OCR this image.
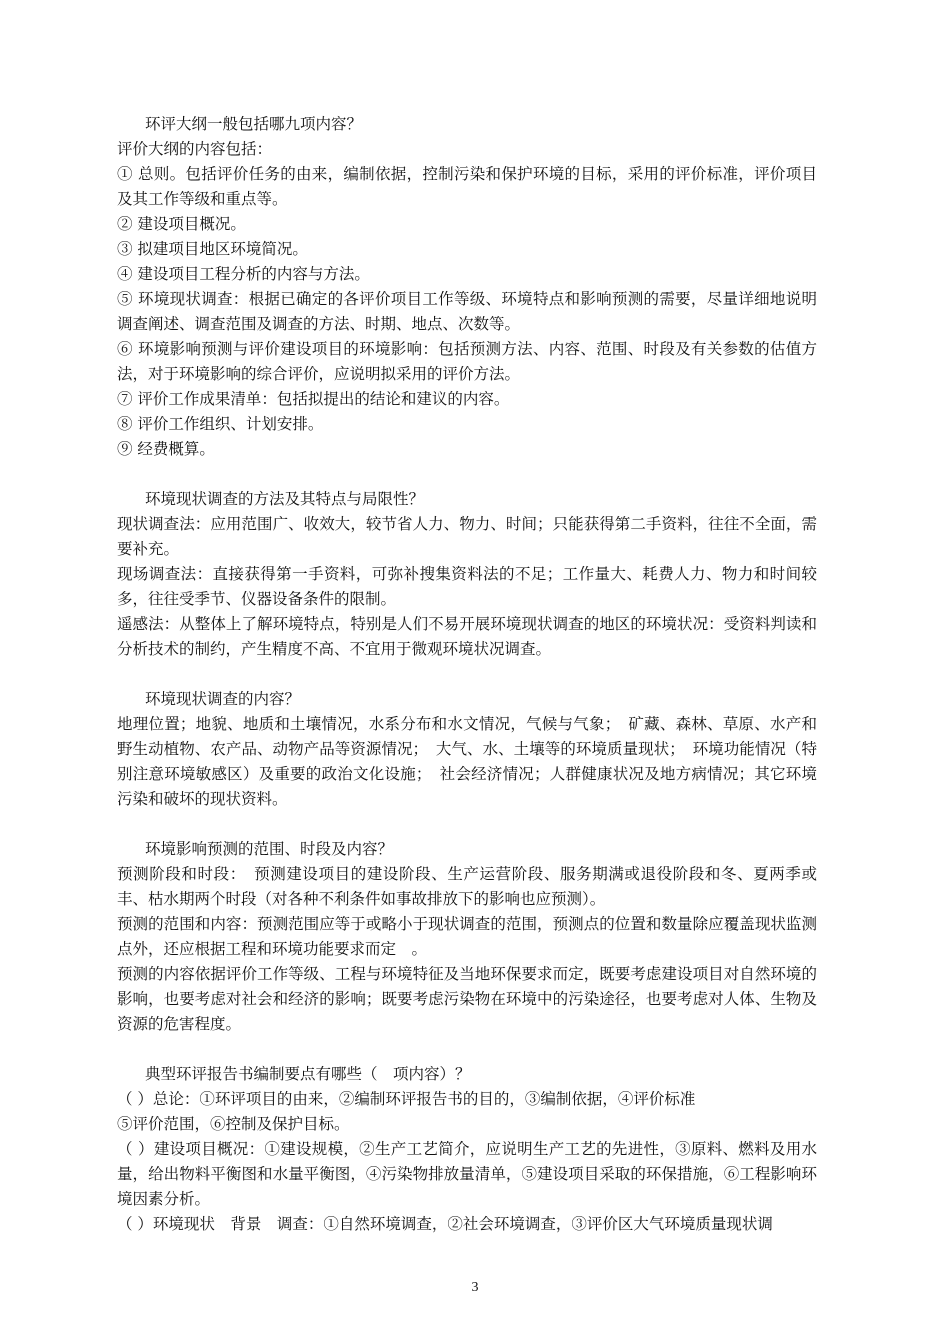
环评大纲一般包括哪九项内容？

评价大纲的内容包括：

① 总则。包括评价任务的由来，编制依据，控制污染和保护环境的目标，采用的评价标准，评价项目及其工作等级和重点等。

② 建设项目概况。

③ 拟建项目地区环境简况。

④ 建设项目工程分析的内容与方法。

⑤ 环境现状调查：根据已确定的各评价项目工作等级、环境特点和影响预测的需要，尽量详细地说明调查阐述、调查范围及调查的方法、时期、地点、次数等。

⑥ 环境影响预测与评价建设项目的环境影响：包括预测方法、内容、范围、时段及有关参数的估值方法，对于环境影响的综合评价，应说明拟采用的评价方法。

⑦ 评价工作成果清单：包括拟提出的结论和建议的内容。

⑧ 评价工作组织、计划安排。

⑨ 经费概算。

环境现状调查的方法及其特点与局限性？

现状调查法：应用范围广、收效大，较节省人力、物力、时间；只能获得第二手资料，往往不全面，需要补充。

现场调查法：直接获得第一手资料，可弥补搜集资料法的不足；工作量大、耗费人力、物力和时间较多，往往受季节、仪器设备条件的限制。

遥感法：从整体上了解环境特点，特别是人们不易开展环境现状调查的地区的环境状况：受资料判读和分析技术的制约，产生精度不高、不宜用于微观环境状况调查。

环境现状调查的内容？

地理位置；地貌、地质和土壤情况，水系分布和水文情况，气候与气象；　矿藏、森林、草原、水产和野生动植物、农产品、动物产品等资源情况；　大气、水、土壤等的环境质量现状；　环境功能情况（特别注意环境敏感区）及重要的政治文化设施；　社会经济情况；人群健康状况及地方病情况；其它环境污染和破坏的现状资料。

环境影响预测的范围、时段及内容？

预测阶段和时段：　预测建设项目的建设阶段、生产运营阶段、服务期满或退役阶段和冬、夏两季或丰、枯水期两个时段（对各种不利条件如事故排放下的影响也应预测）。

预测的范围和内容：预测范围应等于或略小于现状调查的范围，预测点的位置和数量除应覆盖现状监测点外，还应根据工程和环境功能要求而定　。

预测的内容依据评价工作等级、工程与环境特征及当地环保要求而定，既要考虑建设项目对自然环境的影响，也要考虑对社会和经济的影响；既要考虑污染物在环境中的污染途径，也要考虑对人体、生物及资源的危害程度。

典型环评报告书编制要点有哪些（　项内容）？

（ ）总论：①环评项目的由来，②编制环评报告书的目的，③编制依据，④评价标准

⑤评价范围，⑥控制及保护目标。

（ ）建设项目概况：①建设规模，②生产工艺简介，应说明生产工艺的先进性，③原料、燃料及用水量，给出物料平衡图和水量平衡图，④污染物排放量清单，⑤建设项目采取的环保措施，⑥工程影响环境因素分析。

（ ）环境现状　背景　调查：①自然环境调查，②社会环境调查，③评价区大气环境质量现状调

3
